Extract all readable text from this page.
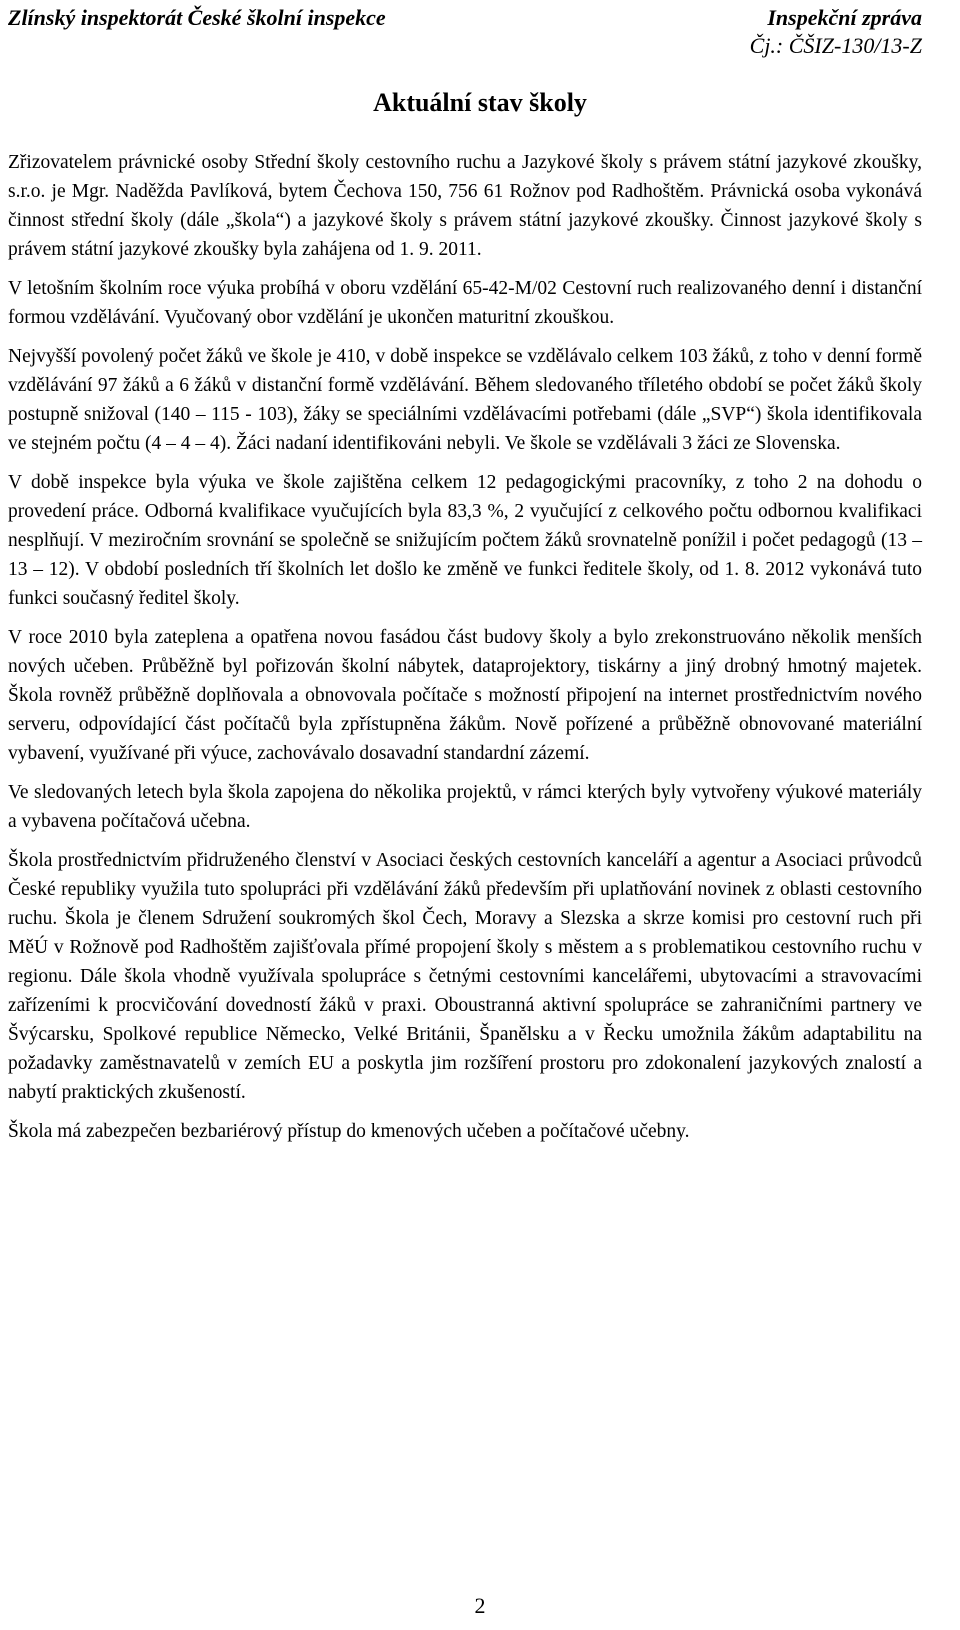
Zlínský inspektorát České školní inspekce	Inspekční zpráva
Čj.: ČŠIZ-130/13-Z
Aktuální stav školy

Zřizovatelem právnické osoby Střední školy cestovního ruchu a Jazykové školy s právem státní jazykové zkoušky, s.r.o. je Mgr. Naděžda Pavlíková, bytem Čechova 150, 756 61 Rožnov pod Radhoštěm. Právnická osoba vykonává činnost střední školy (dále „škola“) a jazykové školy s právem státní jazykové zkoušky. Činnost jazykové školy s právem státní jazykové zkoušky byla zahájena od 1. 9. 2011.

V letošním školním roce výuka probíhá v oboru vzdělání 65-42-M/02 Cestovní ruch realizovaného denní i distanční formou vzdělávání. Vyučovaný obor vzdělání je ukončen maturitní zkouškou.

Nejvyšší povolený počet žáků ve škole je 410, v době inspekce se vzdělávalo celkem 103 žáků, z toho v denní formě vzdělávání 97 žáků a 6 žáků v distanční formě vzdělávání. Během sledovaného tříletého období se počet žáků školy postupně snižoval (140 – 115 - 103), žáky se speciálními vzdělávacími potřebami (dále „SVP“) škola identifikovala ve stejném počtu (4 – 4 – 4). Žáci nadaní identifikováni nebyli. Ve škole se vzdělávali 3 žáci ze Slovenska.

V době inspekce byla výuka ve škole zajištěna celkem 12 pedagogickými pracovníky, z toho 2 na dohodu o provedení práce. Odborná kvalifikace vyučujících byla 83,3 %, 2 vyučující z celkového počtu odbornou kvalifikaci nesplňují. V meziročním srovnání se společně se snižujícím počtem žáků srovnatelně ponížil i počet pedagogů (13 – 13 – 12). V období posledních tří školních let došlo ke změně ve funkci ředitele školy, od 1. 8. 2012 vykonává tuto funkci současný ředitel školy.

V roce 2010 byla zateplena a opatřena novou fasádou část budovy školy a bylo zrekonstruováno několik menších nových učeben. Průběžně byl pořizován školní nábytek, dataprojektory, tiskárny a jiný drobný hmotný majetek. Škola rovněž průběžně doplňovala a obnovovala počítače s možností připojení na internet prostřednictvím nového serveru, odpovídající část počítačů byla zpřístupněna žákům. Nově pořízené a průběžně obnovované materiální vybavení, využívané při výuce, zachovávalo dosavadní standardní zázemí.

Ve sledovaných letech byla škola zapojena do několika projektů, v rámci kterých byly vytvořeny výukové materiály a vybavena počítačová učebna.

Škola prostřednictvím přidruženého členství v Asociaci českých cestovních kanceláří a agentur a Asociaci průvodců České republiky využila tuto spolupráci při vzdělávání žáků především při uplatňování novinek z oblasti cestovního ruchu. Škola je členem Sdružení soukromých škol Čech, Moravy a Slezska a skrze komisi pro cestovní ruch při MěÚ v Rožnově pod Radhoštěm zajišťovala přímé propojení školy s městem a s problematikou cestovního ruchu v regionu. Dále škola vhodně využívala spolupráce s četnými cestovními kancelářemi, ubytovacími a stravovacími zařízeními k procvičování dovedností žáků v praxi. Oboustranná aktivní spolupráce se zahraničními partnery ve Švýcarsku, Spolkové republice Německo, Velké Británii, Španělsku a v Řecku umožnila žákům adaptabilitu na požadavky zaměstnavatelů v zemích EU a poskytla jim rozšíření prostoru pro zdokonalení jazykových znalostí a nabytí praktických zkušeností.

Škola má zabezpečen bezbariérový přístup do kmenových učeben a počítačové učebny.

2
